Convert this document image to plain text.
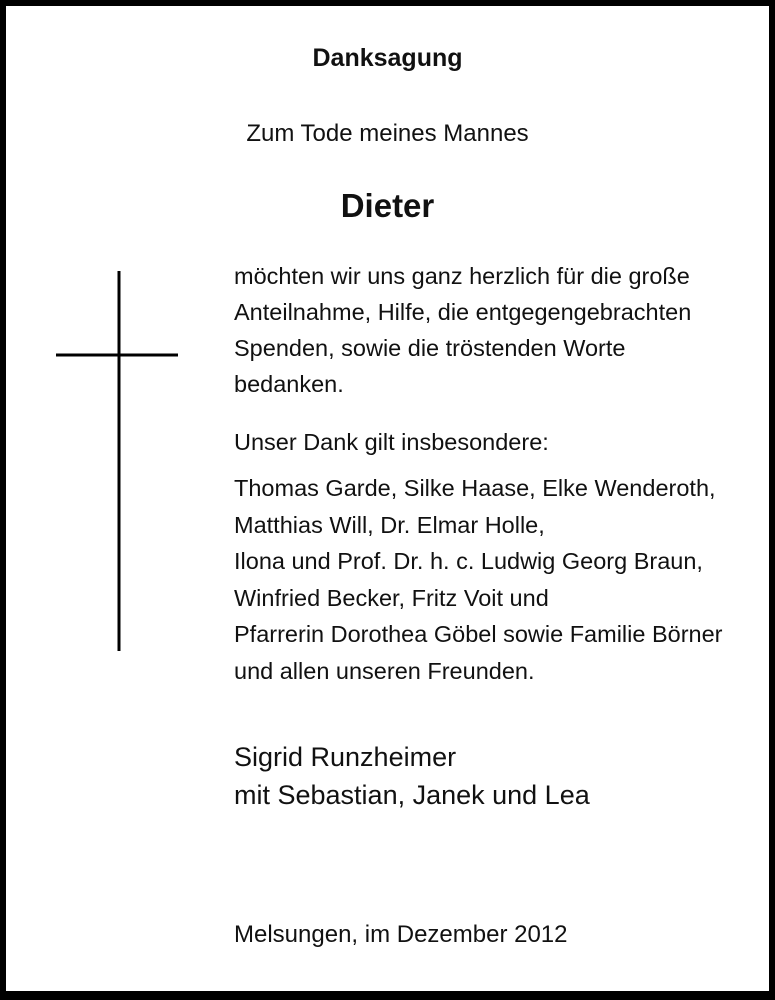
Danksagung
Zum Tode meines Mannes
Dieter
möchten wir uns ganz herzlich für die große
Anteilnahme, Hilfe, die entgegengebrachten
Spenden, sowie die tröstenden Worte
bedanken.
Unser Dank gilt insbesondere:
Thomas Garde, Silke Haase, Elke Wenderoth,
Matthias Will, Dr. Elmar Holle,
Ilona und Prof. Dr. h. c. Ludwig Georg Braun,
Winfried Becker, Fritz Voit und
Pfarrerin Dorothea Göbel sowie Familie Börner
und allen unseren Freunden.
Sigrid Runzheimer
mit Sebastian, Janek und Lea
Melsungen, im Dezember 2012
